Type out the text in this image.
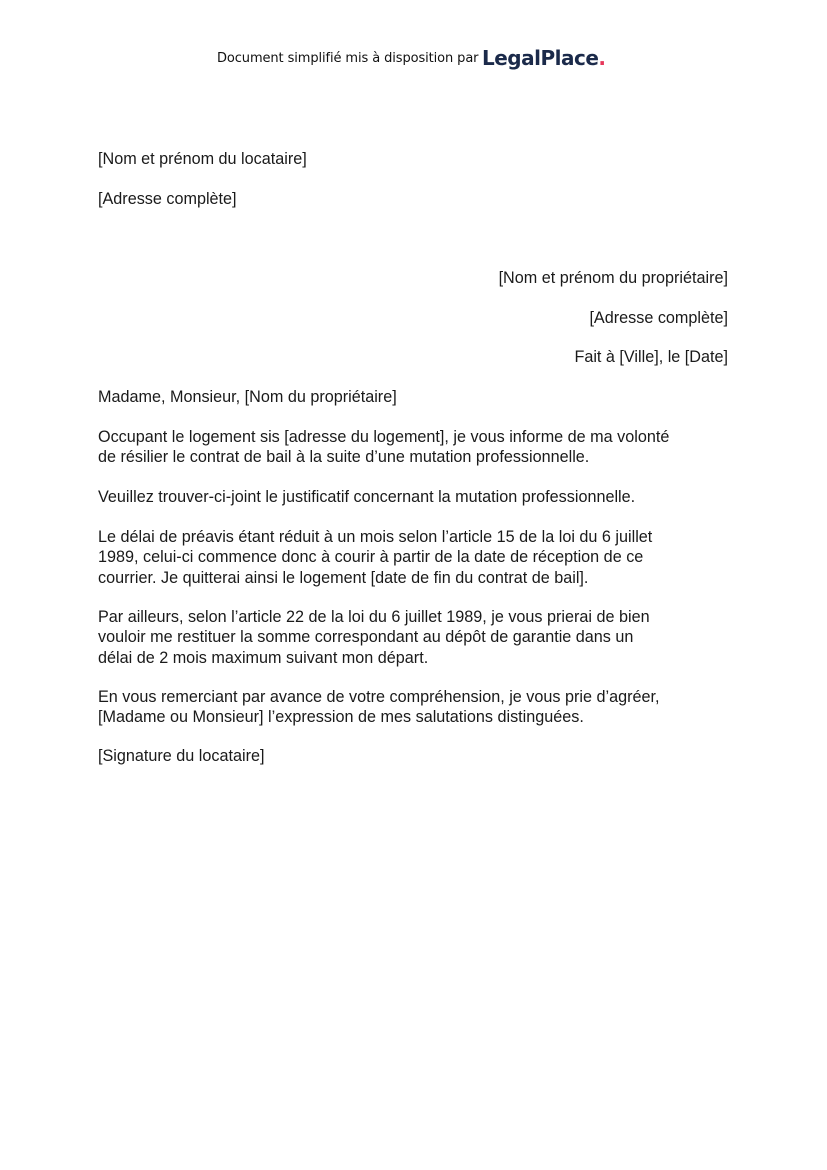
Document simplifié mis à disposition par LegalPlace.
[Nom et prénom du locataire]
[Adresse complète]
[Nom et prénom du propriétaire]
[Adresse complète]
Fait à [Ville], le [Date]
Madame, Monsieur, [Nom du propriétaire]
Occupant le logement sis [adresse du logement], je vous informe de ma volonté
de résilier le contrat de bail à la suite d’une mutation professionnelle.
Veuillez trouver-ci-joint le justificatif concernant la mutation professionnelle.
Le délai de préavis étant réduit à un mois selon l’article 15 de la loi du 6 juillet
1989, celui-ci commence donc à courir à partir de la date de réception de ce
courrier. Je quitterai ainsi le logement [date de fin du contrat de bail].
Par ailleurs, selon l’article 22 de la loi du 6 juillet 1989, je vous prierai de bien
vouloir me restituer la somme correspondant au dépôt de garantie dans un
délai de 2 mois maximum suivant mon départ.
En vous remerciant par avance de votre compréhension, je vous prie d’agréer,
[Madame ou Monsieur] l’expression de mes salutations distinguées.
[Signature du locataire]
